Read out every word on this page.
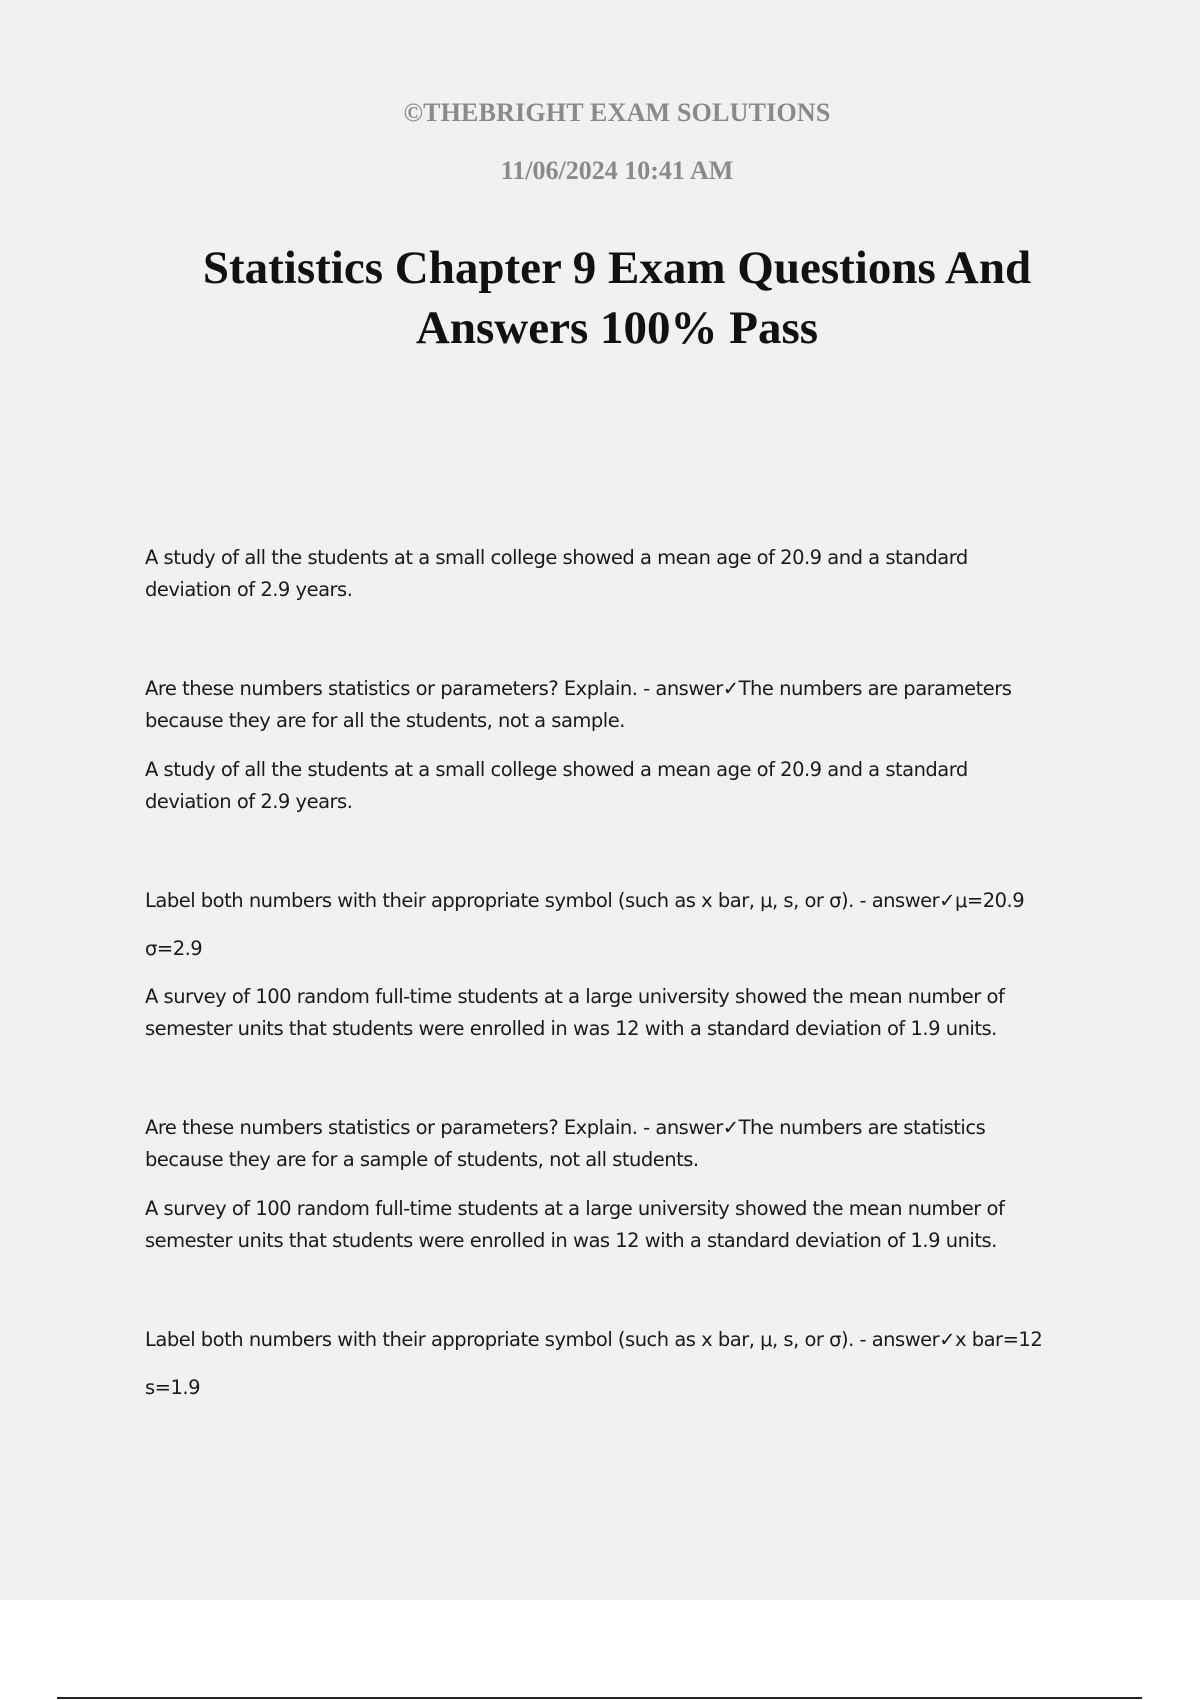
©THEBRIGHT EXAM SOLUTIONS
11/06/2024 10:41 AM
Statistics Chapter 9 Exam Questions And
Answers 100% Pass

A study of all the students at a small college showed a mean age of 20.9 and a standard
deviation of 2.9 years.

Are these numbers statistics or parameters? Explain. - answer✓The numbers are parameters
because they are for all the students, not a sample.

A study of all the students at a small college showed a mean age of 20.9 and a standard
deviation of 2.9 years.

Label both numbers with their appropriate symbol (such as x bar, μ, s, or σ). - answer✓μ=20.9
σ=2.9

A survey of 100 random full-time students at a large university showed the mean number of
semester units that students were enrolled in was 12 with a standard deviation of 1.9 units.

Are these numbers statistics or parameters? Explain. - answer✓The numbers are statistics
because they are for a sample of students, not all students.

A survey of 100 random full-time students at a large university showed the mean number of
semester units that students were enrolled in was 12 with a standard deviation of 1.9 units.

Label both numbers with their appropriate symbol (such as x bar, μ, s, or σ). - answer✓x bar=12
s=1.9
